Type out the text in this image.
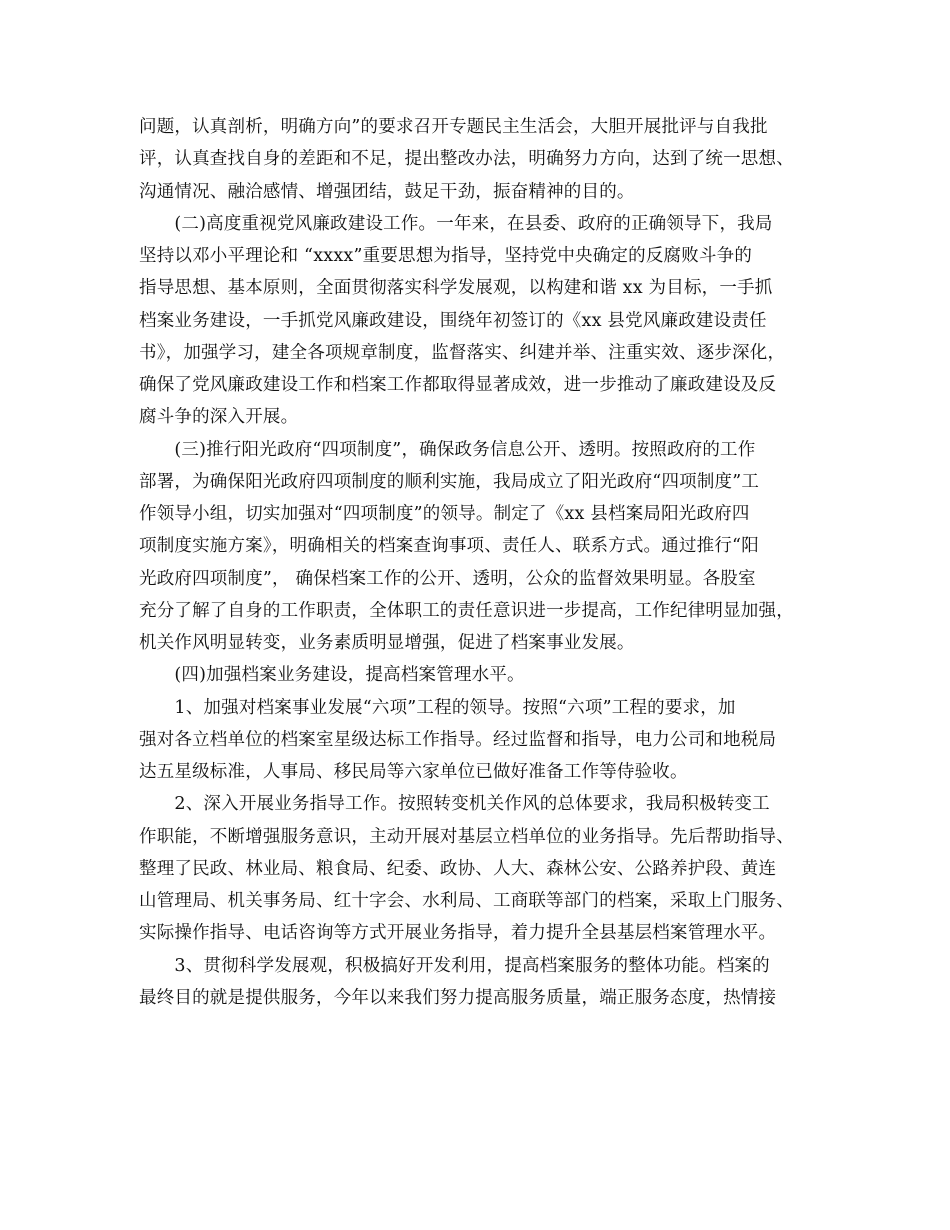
问题，认真剖析，明确方向”的要求召开专题民主生活会，大胆开展批评与自我批
评，认真查找自身的差距和不足，提出整改办法，明确努力方向，达到了统一思想、
沟通情况、融洽感情、增强团结，鼓足干劲，振奋精神的目的。
　　(二)高度重视党风廉政建设工作。一年来，在县委、政府的正确领导下，我局
坚持以邓小平理论和 “xxxx”重要思想为指导，坚持党中央确定的反腐败斗争的
指导思想、基本原则，全面贯彻落实科学发展观，以构建和谐 xx 为目标，一手抓
档案业务建设，一手抓党风廉政建设，围绕年初签订的《xx 县党风廉政建设责任
书》，加强学习，建全各项规章制度，监督落实、纠建并举、注重实效、逐步深化，
确保了党风廉政建设工作和档案工作都取得显著成效，进一步推动了廉政建设及反
腐斗争的深入开展。
　　(三)推行阳光政府“四项制度”，确保政务信息公开、透明。按照政府的工作
部署，为确保阳光政府四项制度的顺利实施，我局成立了阳光政府“四项制度”工
作领导小组，切实加强对“四项制度”的领导。制定了《xx 县档案局阳光政府四
项制度实施方案》，明确相关的档案查询事项、责任人、联系方式。通过推行“阳
光政府四项制度”， 确保档案工作的公开、透明，公众的监督效果明显。各股室
充分了解了自身的工作职责，全体职工的责任意识进一步提高，工作纪律明显加强，
机关作风明显转变，业务素质明显增强，促进了档案事业发展。
　　(四)加强档案业务建设，提高档案管理水平。
　　1、加强对档案事业发展“六项”工程的领导。按照“六项”工程的要求，加
强对各立档单位的档案室星级达标工作指导。经过监督和指导，电力公司和地税局
达五星级标准，人事局、移民局等六家单位已做好准备工作等侍验收。
　　2、深入开展业务指导工作。按照转变机关作风的总体要求，我局积极转变工
作职能，不断增强服务意识，主动开展对基层立档单位的业务指导。先后帮助指导、
整理了民政、林业局、粮食局、纪委、政协、人大、森林公安、公路养护段、黄连
山管理局、机关事务局、红十字会、水利局、工商联等部门的档案，采取上门服务、
实际操作指导、电话咨询等方式开展业务指导，着力提升全县基层档案管理水平。
　　3、贯彻科学发展观，积极搞好开发利用，提高档案服务的整体功能。档案的
最终目的就是提供服务，今年以来我们努力提高服务质量，端正服务态度，热情接
